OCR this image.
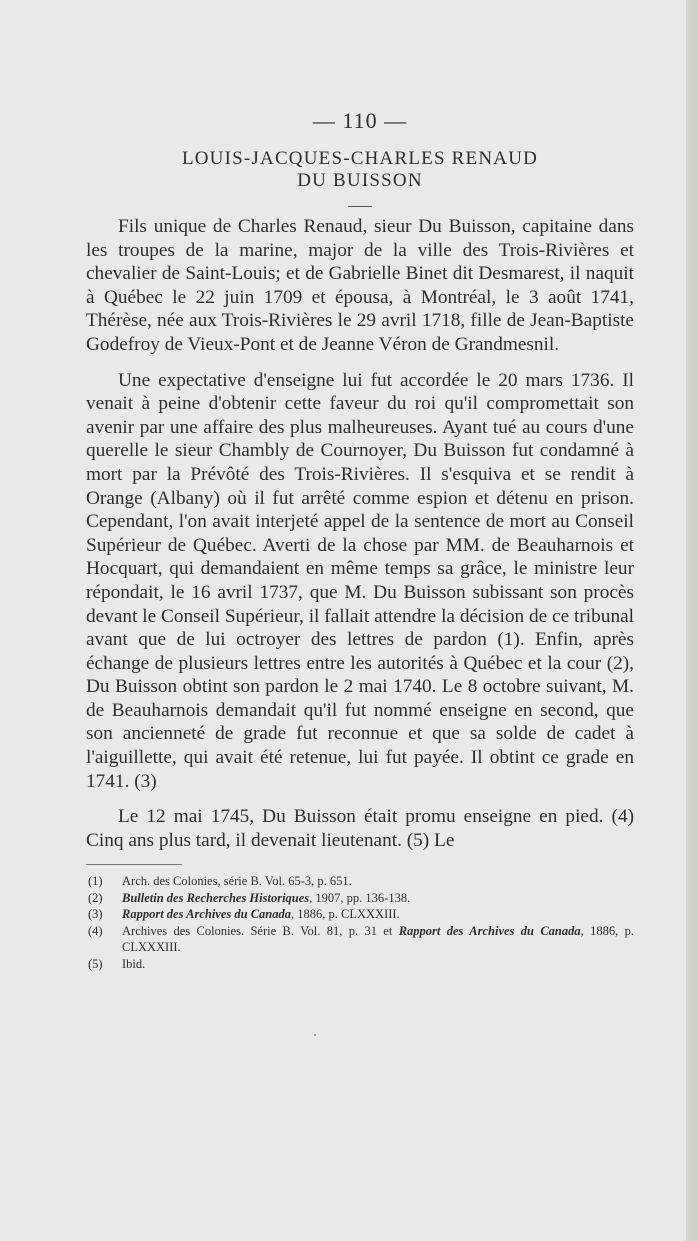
— 110 —
LOUIS-JACQUES-CHARLES RENAUD
DU BUISSON

Fils unique de Charles Renaud, sieur Du Buisson, capitaine dans les troupes de la marine, major de la ville des Trois-Rivières et chevalier de Saint-Louis; et de Gabrielle Binet dit Desmarest, il naquit à Québec le 22 juin 1709 et épousa, à Montréal, le 3 août 1741, Thérèse, née aux Trois-Rivières le 29 avril 1718, fille de Jean-Baptiste Godefroy de Vieux-Pont et de Jeanne Véron de Grandmesnil.

Une expectative d'enseigne lui fut accordée le 20 mars 1736. Il venait à peine d'obtenir cette faveur du roi qu'il compromettait son avenir par une affaire des plus malheureuses. Ayant tué au cours d'une querelle le sieur Chambly de Cournoyer, Du Buisson fut condamné à mort par la Prévôté des Trois-Rivières. Il s'esquiva et se rendit à Orange (Albany) où il fut arrêté comme espion et détenu en prison. Cependant, l'on avait interjeté appel de la sentence de mort au Conseil Supérieur de Québec. Averti de la chose par MM. de Beauharnois et Hocquart, qui demandaient en même temps sa grâce, le ministre leur répondait, le 16 avril 1737, que M. Du Buisson subissant son procès devant le Conseil Supérieur, il fallait attendre la décision de ce tribunal avant que de lui octroyer des lettres de pardon (1). Enfin, après échange de plusieurs lettres entre les autorités à Québec et la cour (2), Du Buisson obtint son pardon le 2 mai 1740. Le 8 octobre suivant, M. de Beauharnois demandait qu'il fut nommé enseigne en second, que son ancienneté de grade fut reconnue et que sa solde de cadet à l'aiguillette, qui avait été retenue, lui fut payée. Il obtint ce grade en 1741. (3)

Le 12 mai 1745, Du Buisson était promu enseigne en pied. (4) Cinq ans plus tard, il devenait lieutenant. (5) Le

(1)	Arch. des Colonies, série B. Vol. 65-3, p. 651.
(2)	Bulletin des Recherches Historiques, 1907, pp. 136-138.
(3)	Rapport des Archives du Canada, 1886, p. CLXXXIII.
(4)	Archives des Colonies. Série B. Vol. 81, p. 31 et Rapport des Archives du Canada, 1886, p. CLXXXIII.
(5)	Ibid.
